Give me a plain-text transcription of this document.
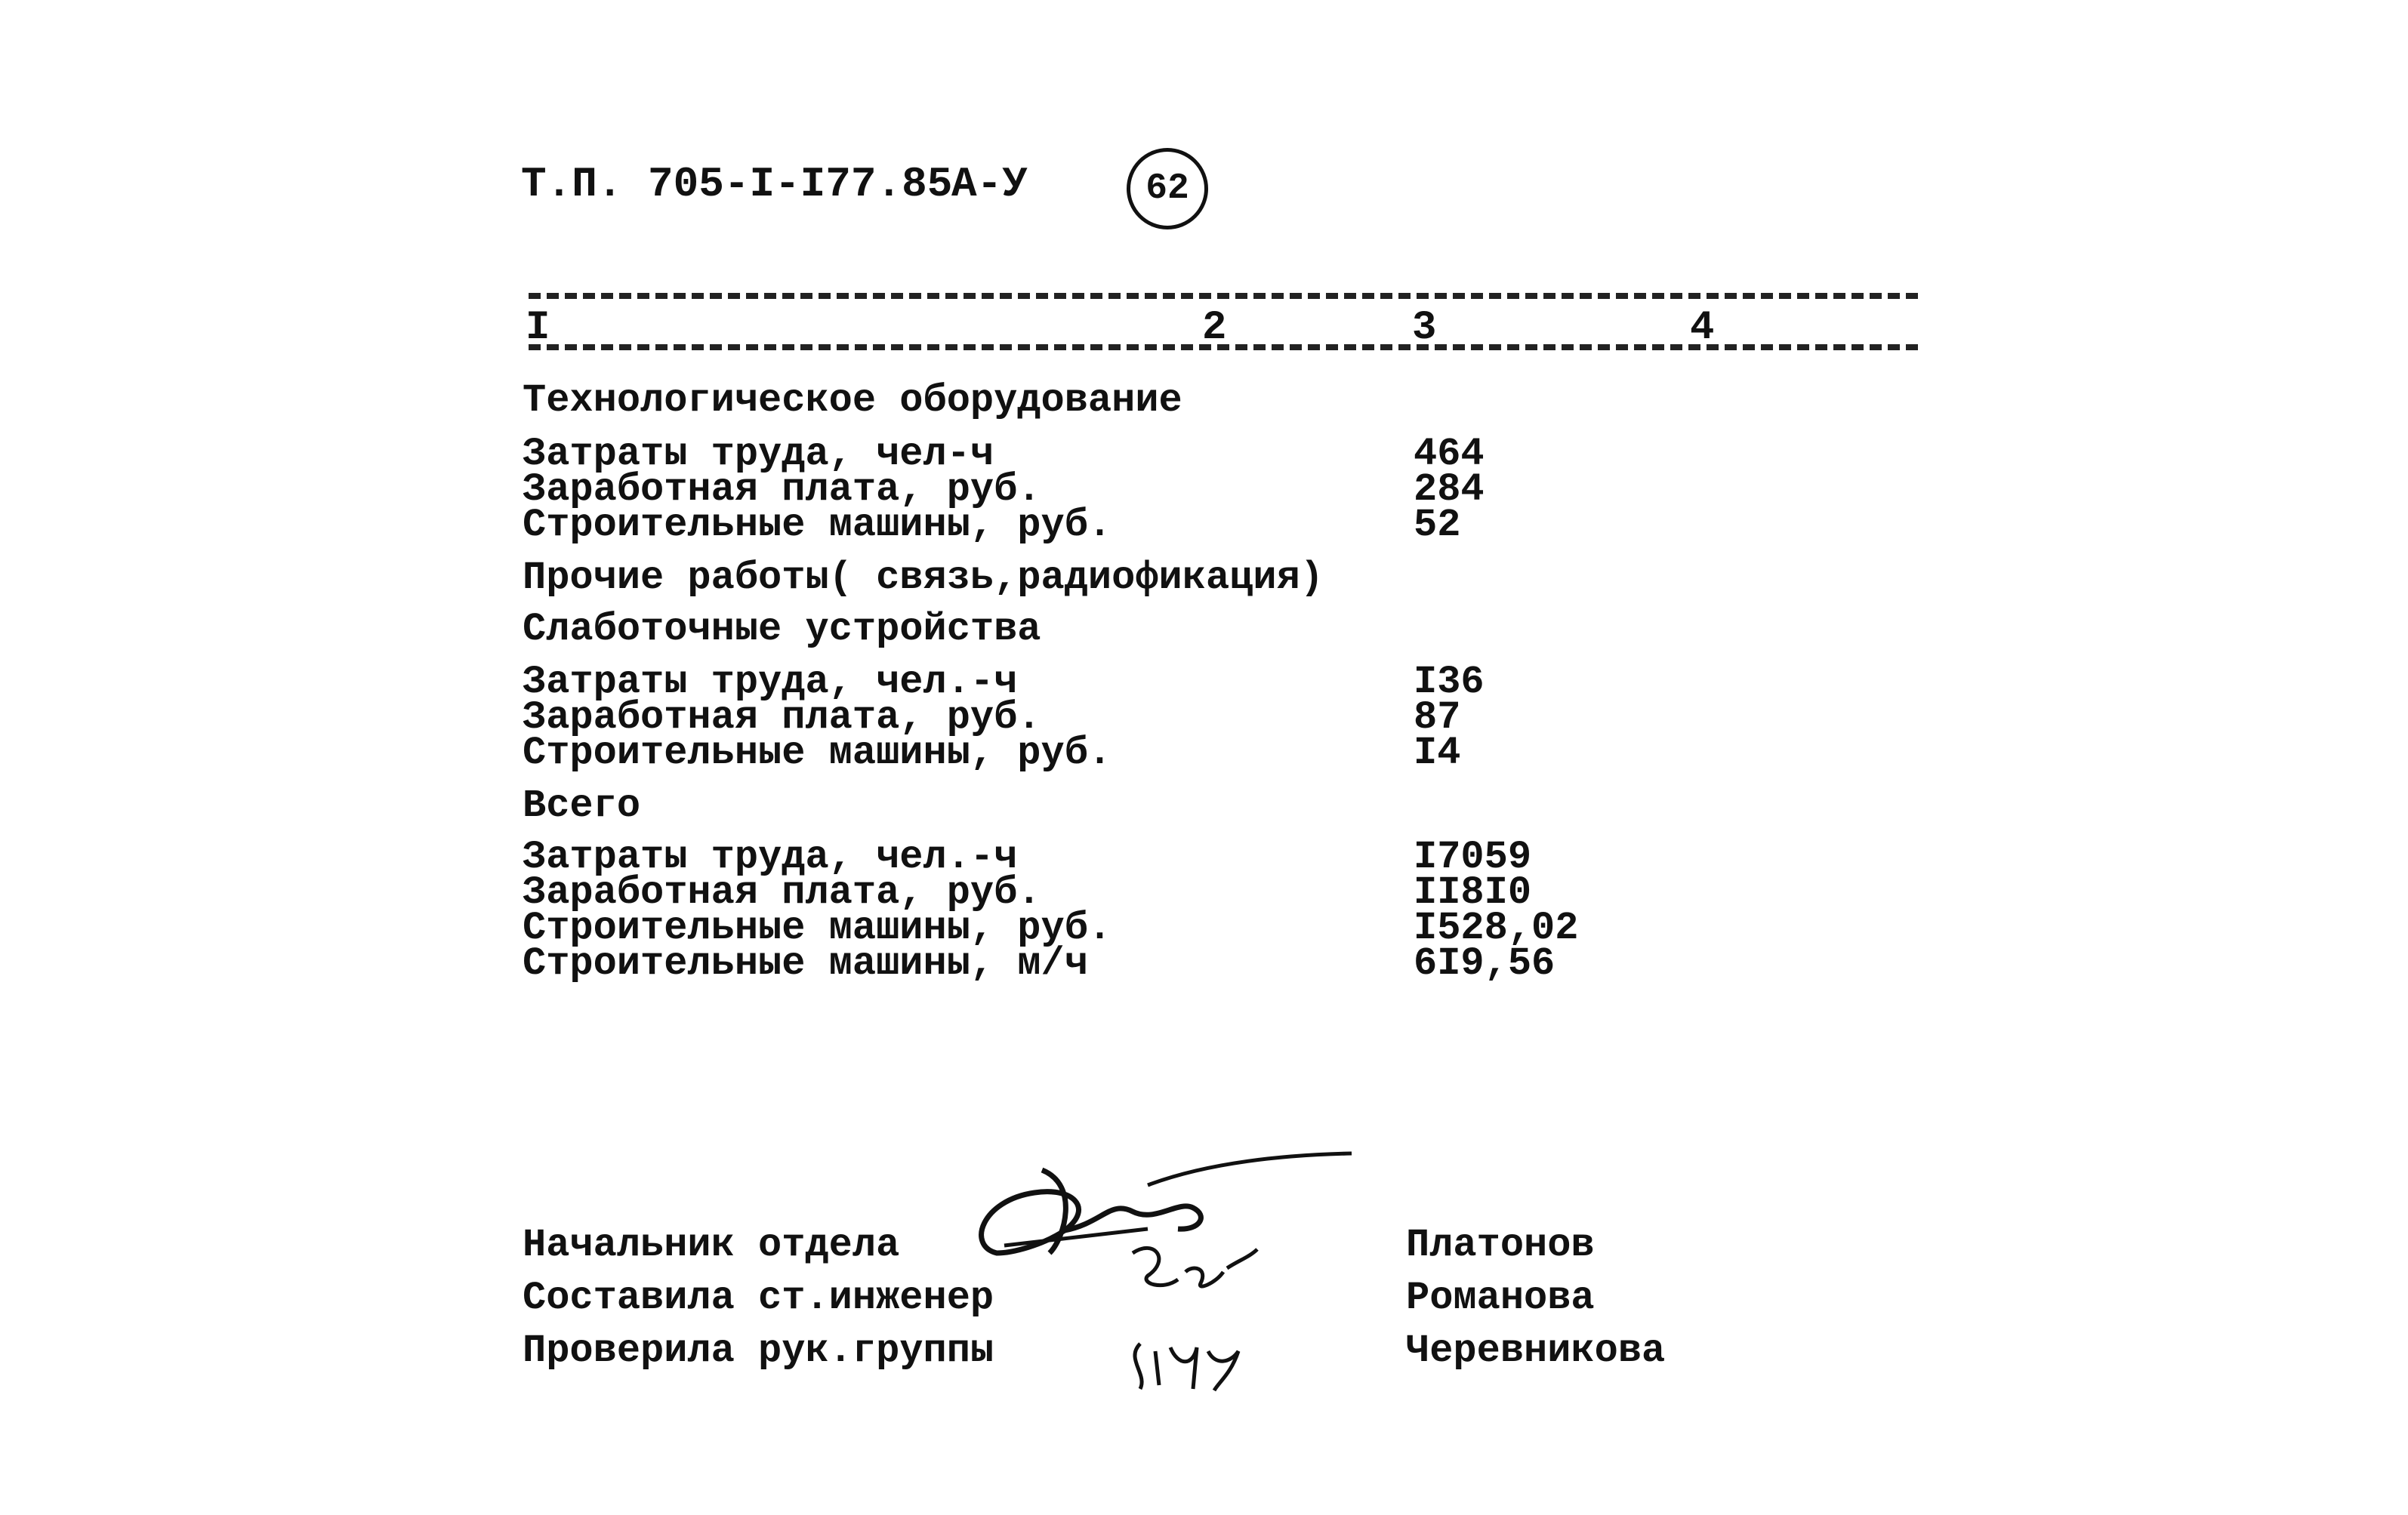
Т.П. 705-I-I77.85
А-У	62
I	2	3	4
Технологическое оборудование
Затраты труда, чел-ч	464
Заработная плата, руб.	284
Строительные машины, руб.	52
Прочие работы( связь,радиофикация)
Слаботочные устройства
Затраты труда, чел.-ч	I36
Заработная плата, руб.	87
Строительные машины, руб.	I4
Всего
Затраты труда, чел.-ч	I7059
Заработная плата, руб.	II8I0
Строительные машины, руб.	I528,02
Строительные машины, м/ч	6I9,56
Начальник отдела	Платонов
Составила ст.инженер	Романова
Проверила рук.группы	Черевникова
